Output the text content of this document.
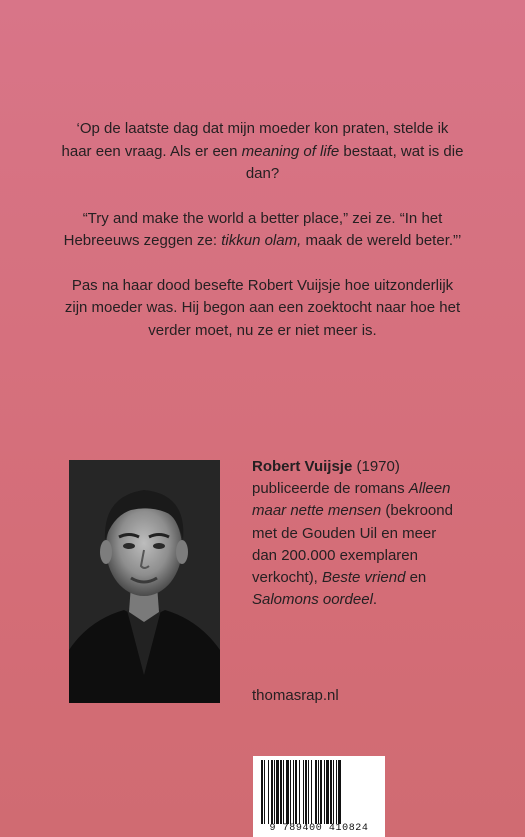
‘Op de laatste dag dat mijn moeder kon praten, stelde ik haar een vraag. Als er een meaning of life bestaat, wat is die dan?

“Try and make the world a better place,” zei ze. “In het Hebreeuws zeggen ze: tikkun olam, maak de wereld beter.”’

Pas na haar dood besefte Robert Vuijsje hoe uitzonderlijk zijn moeder was. Hij begon aan een zoektocht naar hoe het verder moet, nu ze er niet meer is.

Robert Vuijsje (1970) publiceerde de romans Alleen maar nette mensen (bekroond met de Gouden Uil en meer dan 200.000 exemplaren verkocht), Beste vriend en Salomons oordeel.
thomasrap.nl
9 789400 410824
